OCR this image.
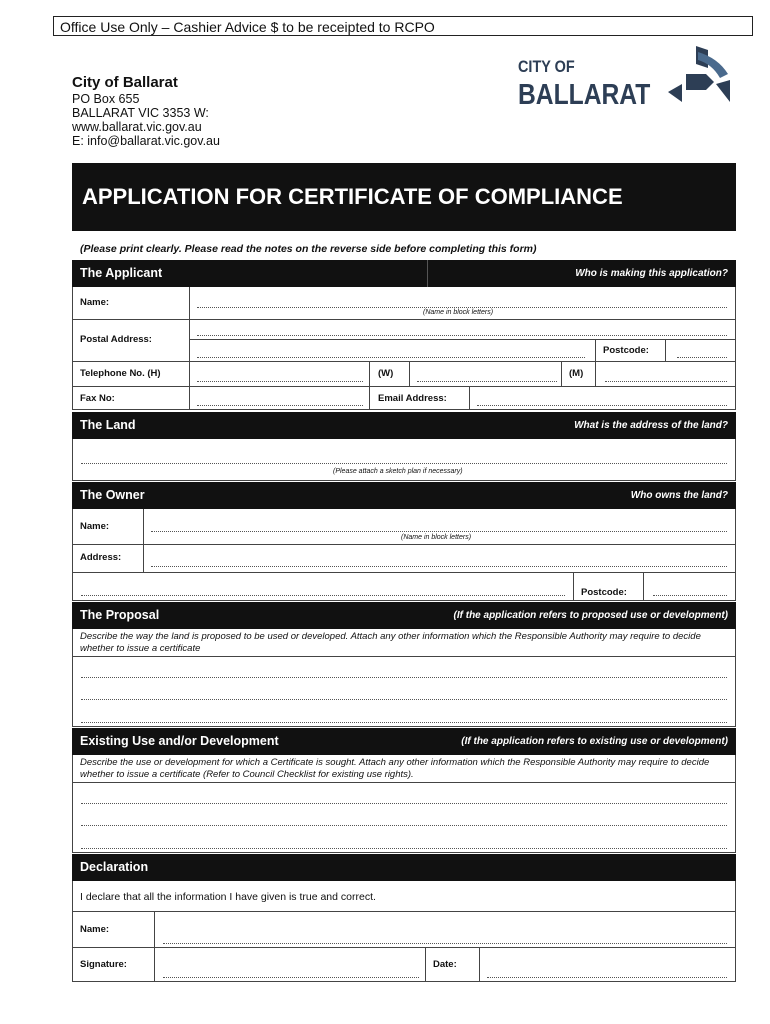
Office Use Only – Cashier Advice $ to be receipted to RCPO
City of Ballarat
PO Box 655
BALLARAT VIC 3353 W:
www.ballarat.vic.gov.au
E: info@ballarat.vic.gov.au
CITY OF
BALLARAT
APPLICATION FOR CERTIFICATE OF COMPLIANCE
(Please print clearly. Please read the notes on the reverse side before completing this form)
The Applicant	Who is making this application?
Name:
(Name in block letters)
Postal Address:
Postcode:
Telephone No. (H)	(W)	(M)
Fax No:	Email Address:
The Land	What is the address of the land?
(Please attach a sketch plan if necessary)
The Owner	Who owns the land?
Name:
(Name in block letters)
Address:
Postcode:
The Proposal	(If the application refers to proposed use or development)
Describe the way the land is proposed to be used or developed. Attach any other information which the Responsible Authority may require to decide whether to issue a certificate
Existing Use and/or Development	(If the application refers to existing use or development)
Describe the use or development for which a Certificate is sought. Attach any other information which the Responsible Authority may require to decide whether to issue a certificate (Refer to Council Checklist for existing use rights).
Declaration
I declare that all the information I have given is true and correct.
Name:
Signature:	Date:
